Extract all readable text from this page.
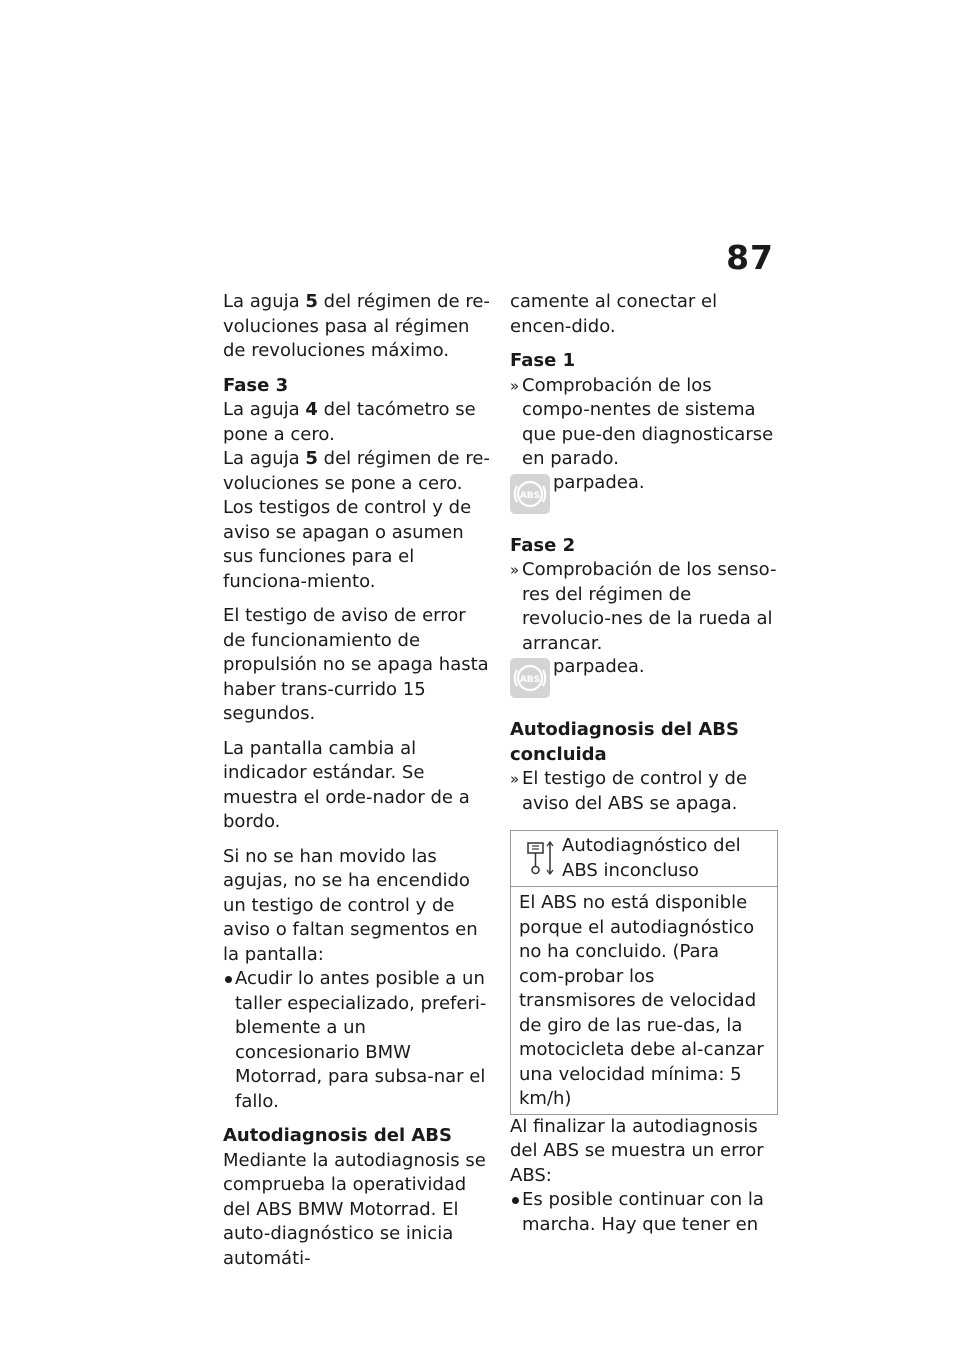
87

La aguja 5 del régimen de re-voluciones pasa al régimen de revoluciones máximo.

Fase 3

La aguja 4 del tacómetro se pone a cero.

La aguja 5 del régimen de re-voluciones se pone a cero.

Los testigos de control y de aviso se apagan o asumen sus funciones para el funciona-miento.

El testigo de aviso de error de funcionamiento de propulsión no se apaga hasta haber trans-currido 15 segundos.

La pantalla cambia al indicador estándar. Se muestra el orde-nador de a bordo.

Si no se han movido las agujas, no se ha encendido un testigo de control y de aviso o faltan segmentos en la pantalla:

Acudir lo antes posible a un taller especializado, preferi-blemente a un concesionario BMW Motorrad, para subsa-nar el fallo.
Autodiagnosis del ABS

Mediante la autodiagnosis se comprueba la operatividad del ABS BMW Motorrad. El auto-diagnóstico se inicia automáti-

camente al conectar el encen-dido.

Fase 1
» Comprobación de los compo-nentes de sistema que pue-den diagnosticarse en parado.
ABS
parpadea.
Fase 2
» Comprobación de los senso-res del régimen de revolucio-nes de la rueda al arrancar.
ABS
parpadea.
Autodiagnosis del ABS concluida
» El testigo de control y de aviso del ABS se apaga.
Autodiagnóstico del ABS inconcluso
El ABS no está disponible porque el autodiagnóstico no ha concluido. (Para com-probar los transmisores de velocidad de giro de las rue-das, la motocicleta debe al-canzar una velocidad mínima: 5 km/h)

Al finalizar la autodiagnosis del ABS se muestra un error ABS:

Es posible continuar con la marcha. Hay que tener en
